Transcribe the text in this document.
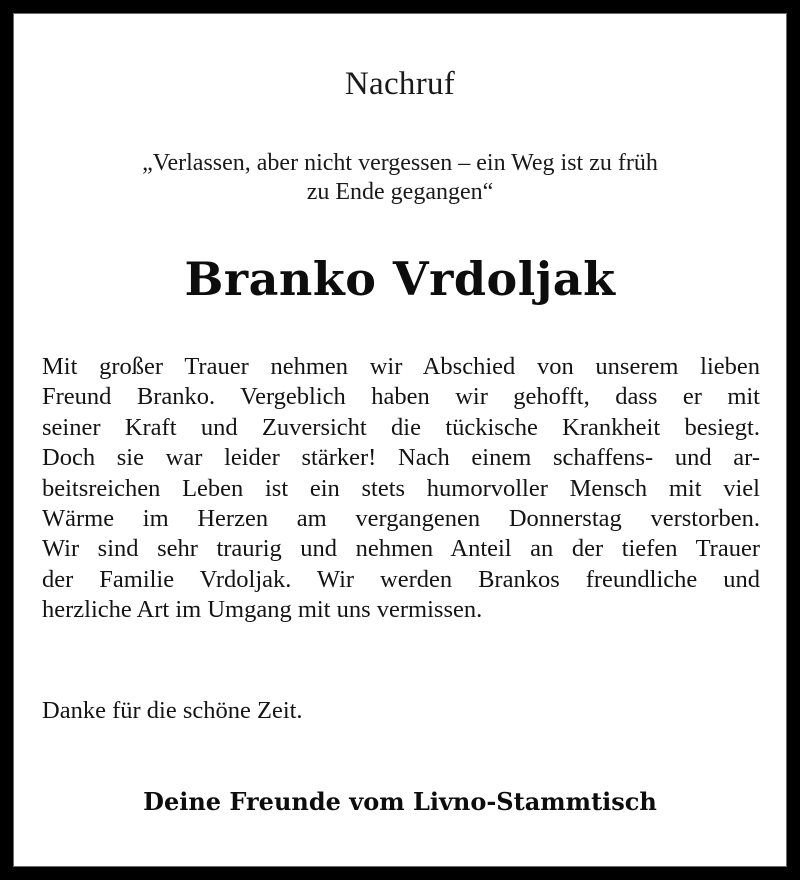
Nachruf
„Verlassen, aber nicht vergessen – ein Weg ist zu früh
zu Ende gegangen“
Branko Vrdoljak
Mit großer Trauer nehmen wir Abschied von unserem lieben
Freund Branko. Vergeblich haben wir gehofft, dass er mit
seiner Kraft und Zuversicht die tückische Krankheit besiegt.
Doch sie war leider stärker! Nach einem schaffens- und ar-
beitsreichen Leben ist ein stets humorvoller Mensch mit viel
Wärme im Herzen am vergangenen Donnerstag verstorben.
Wir sind sehr traurig und nehmen Anteil an der tiefen Trauer
der Familie Vrdoljak. Wir werden Brankos freundliche und
herzliche Art im Umgang mit uns vermissen.
Danke für die schöne Zeit.
Deine Freunde vom Livno-Stammtisch
